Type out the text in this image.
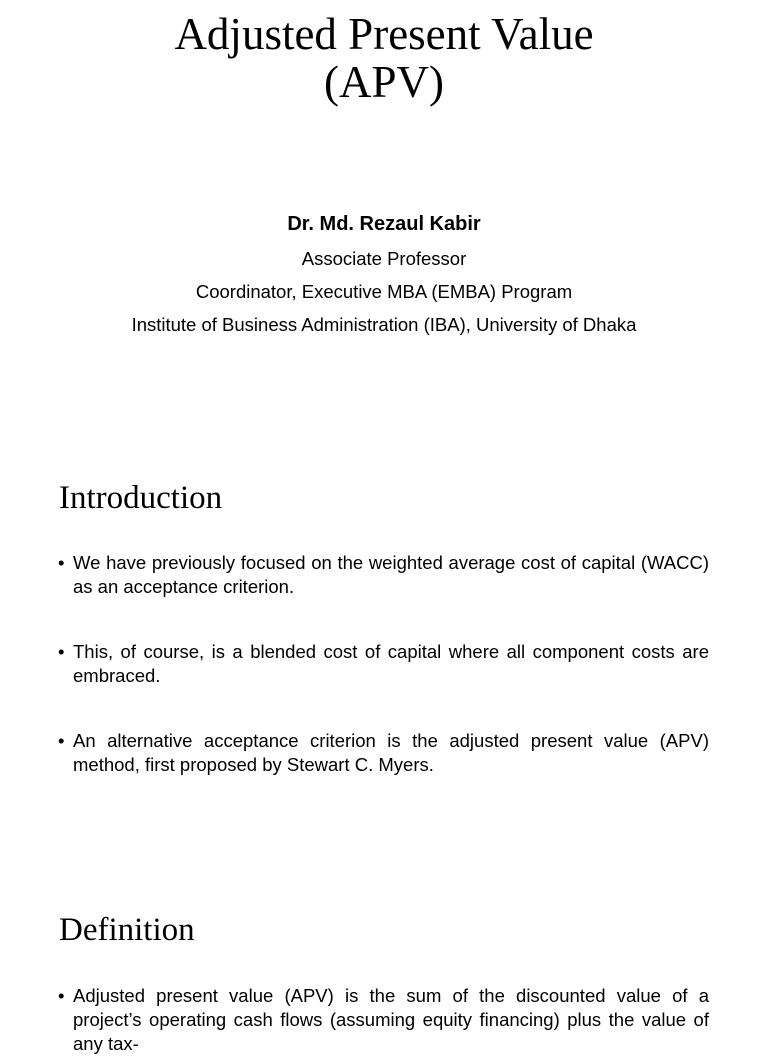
Adjusted Present Value
(APV)
Dr. Md. Rezaul Kabir
Associate Professor
Coordinator, Executive MBA (EMBA) Program
Institute of Business Administration (IBA), University of Dhaka
Introduction
• We have previously focused on the weighted average cost of capital (WACC) as an acceptance criterion.
• This, of course, is a blended cost of capital where all component costs are embraced.
• An alternative acceptance criterion is the adjusted present value (APV) method, first proposed by Stewart C. Myers.
Definition
• Adjusted present value (APV) is the sum of the discounted value of a project’s operating cash flows (assuming equity financing) plus the value of any tax-
